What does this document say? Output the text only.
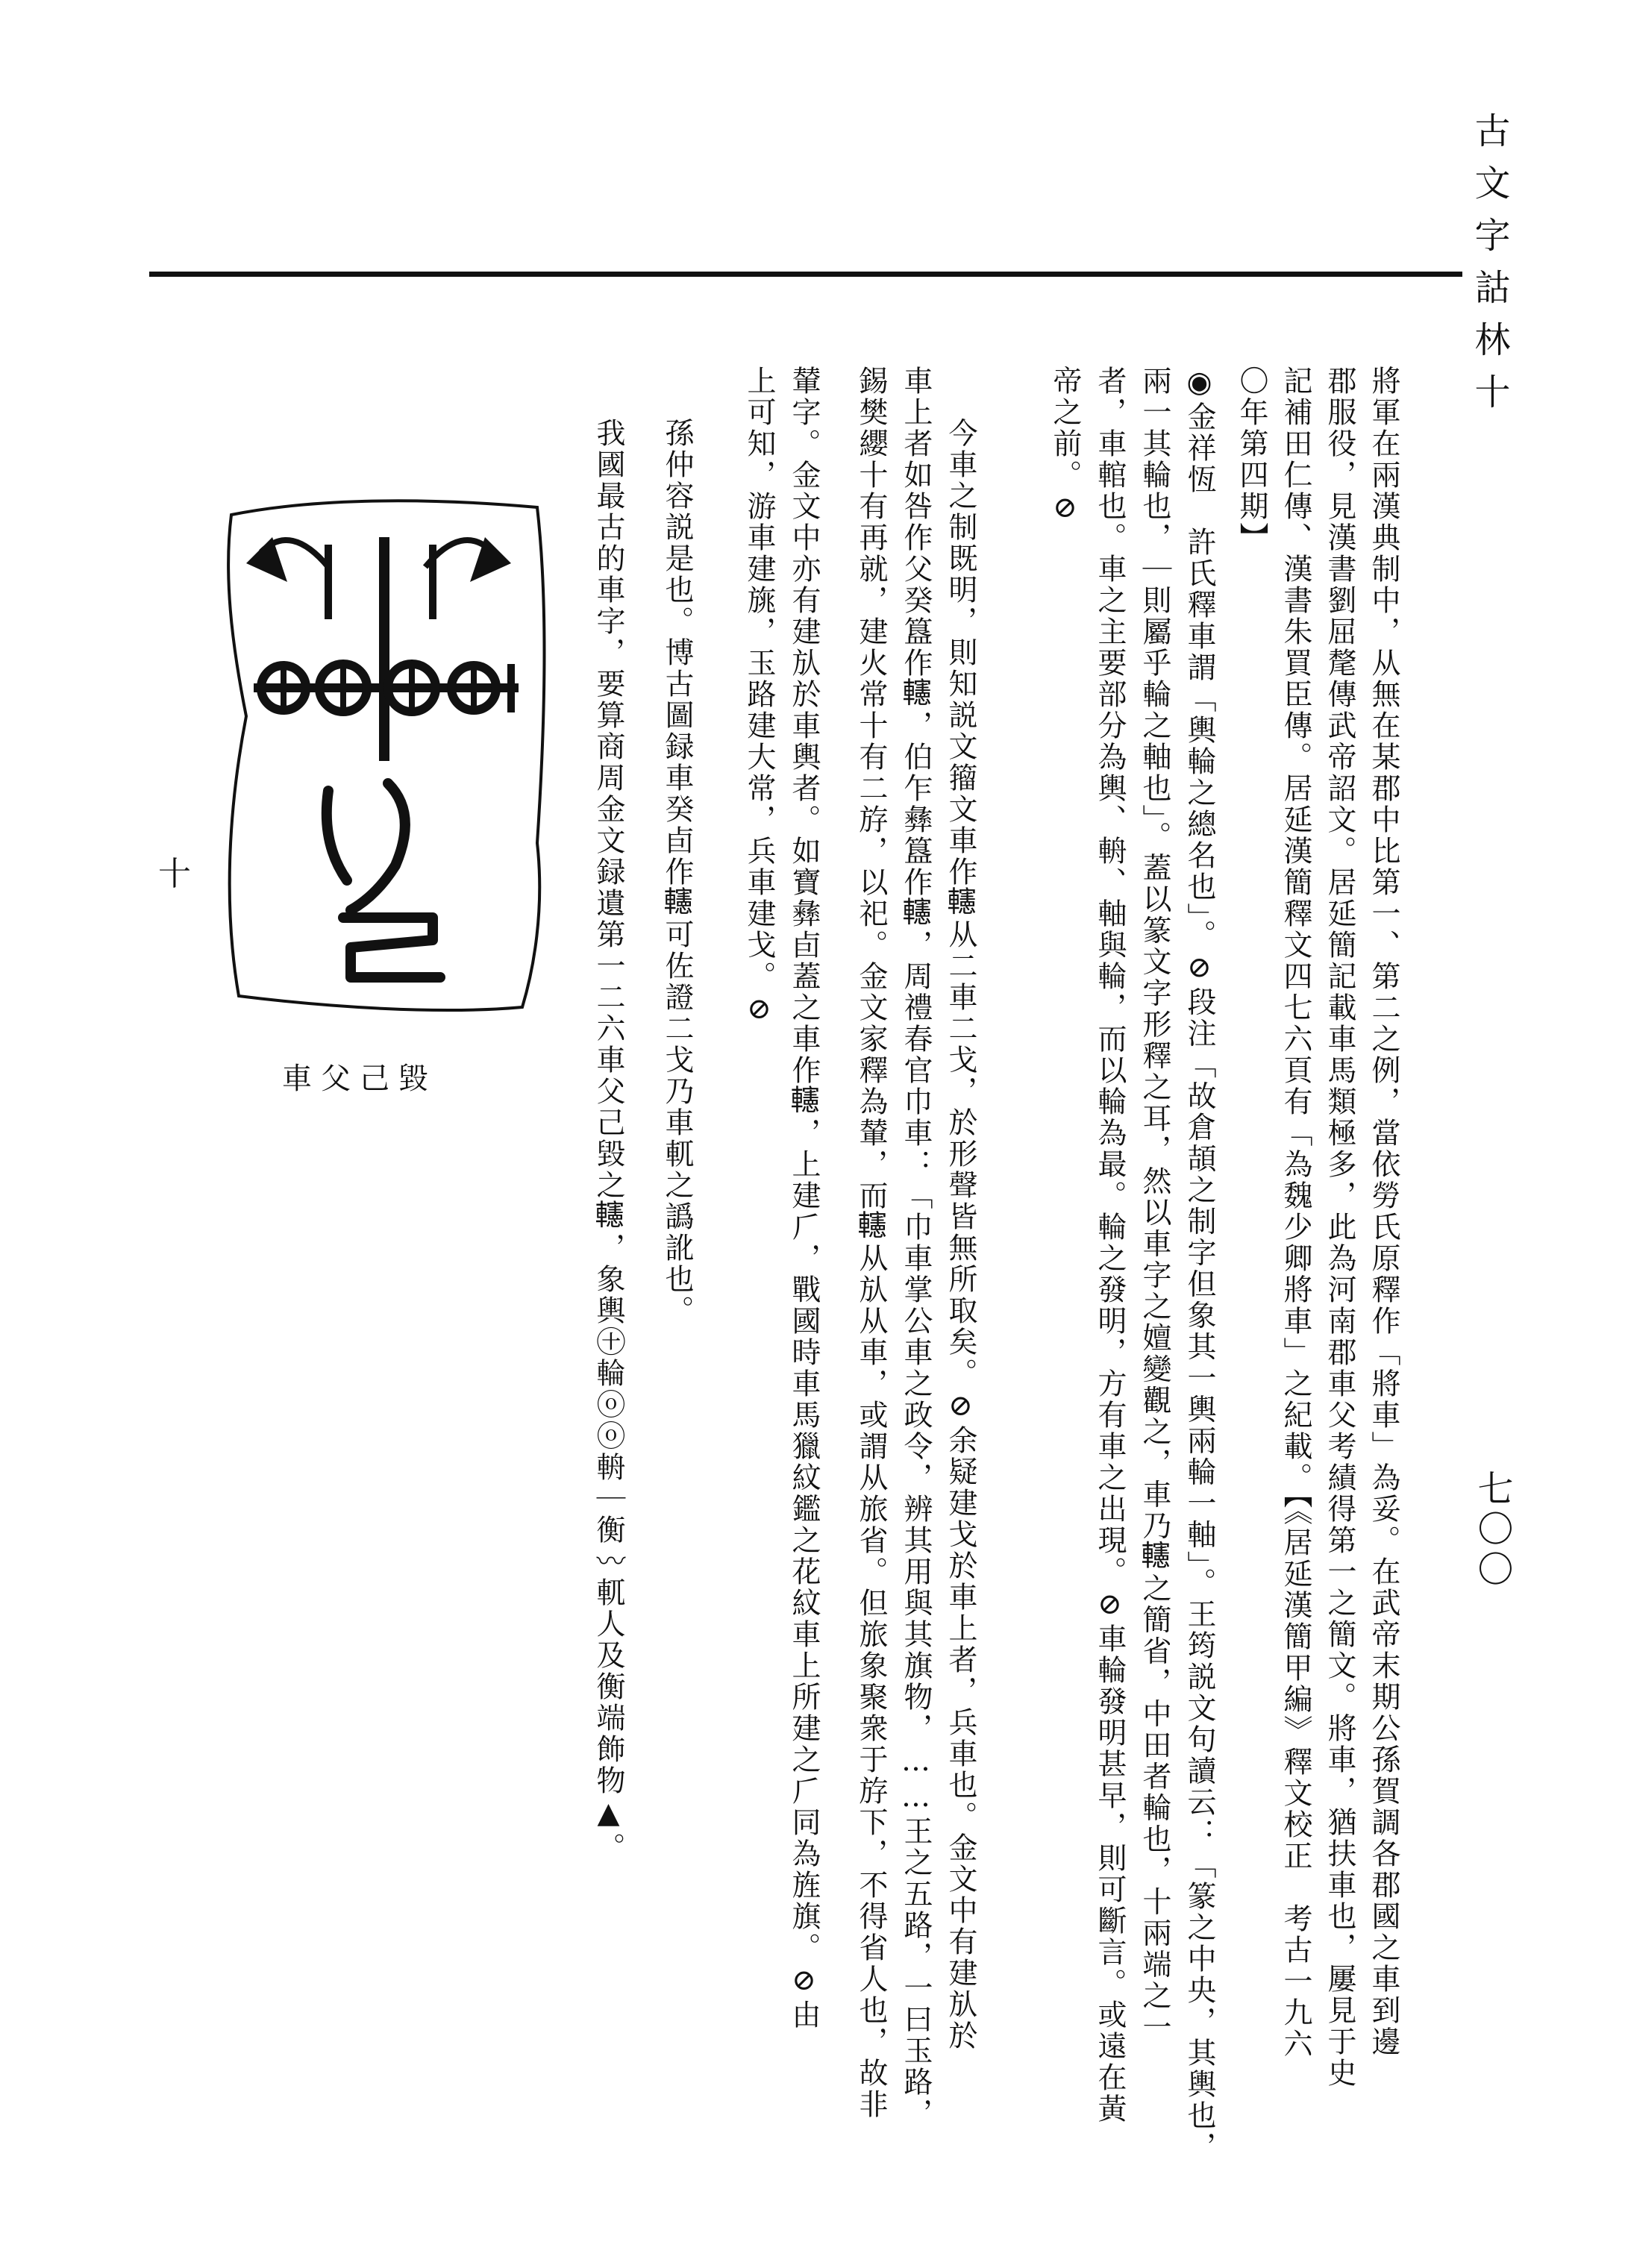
古文字詁林十
七〇〇
將軍在兩漢典制中，从無在某郡中比第一、第二之例，當依勞氏原釋作「將車」為妥。在武帝末期公孫賀調各郡國之車到邊
郡服役，見漢書劉屈氂傳武帝詔文。居延簡記載車馬類極多，此為河南郡車父考績得第一之簡文。將車，猶扶車也，屢見于史
記補田仁傳、漢書朱買臣傳。居延漢簡釋文四七六頁有「為魏少卿將車」之紀載。【《居延漢簡甲編》釋文校正　考古一九六
〇年第四期】
◉金祥恆　許氏釋車謂「輿輪之總名也」。⊘段注「故倉頡之制字但象其一輿兩輪一軸」。王筠説文句讀云：「篆之中央，其輿也，
兩一其輪也，｜則屬乎輪之軸也」。蓋以篆文字形釋之耳，然以車字之嬗變觀之，車乃𨏥之簡省，中田者輪也，十兩端之一
者，車輨也。車之主要部分為輿、輈、軸與輪，而以輪為最。輪之發明，方有車之出現。⊘車輪發明甚早，則可斷言。或遠在黃
帝之前。⊘
今車之制既明，則知説文籀文車作𨏥从二車二戈，於形聲皆無所取矣。⊘余疑建戈於車上者，兵車也。金文中有建㫃於
車上者如咎作父癸簋作𨏥，伯乍彝簋作𨏥，周禮春官巾車：「巾車掌公車之政令，辨其用與其旗物，……王之五路，一曰玉路，
錫樊纓十有再就，建火常十有二斿，以祀。金文家釋為輦，而𨏥从㫃从車，或謂从旅省。但旅象聚衆于斿下，不得省人也，故非
輦字。金文中亦有建㫃於車輿者。如寶彝卣蓋之車作𨏥，上建𠂆，戰國時車馬獵紋鑑之花紋車上所建之𠂆同為旌旗。⊘由
上可知，游車建旐，玉路建大常，兵車建戈。⊘
孫仲容説是也。博古圖録車癸卣作𨏥可佐證二戈乃車軏之譌訛也。
我國最古的車字，要算商周金文録遺第一二六車父己毀之𨏥，象輿㊉輪ⓞⓞ輈｜衡〰軏人及衡端飾物▲。
十
車父己毀
